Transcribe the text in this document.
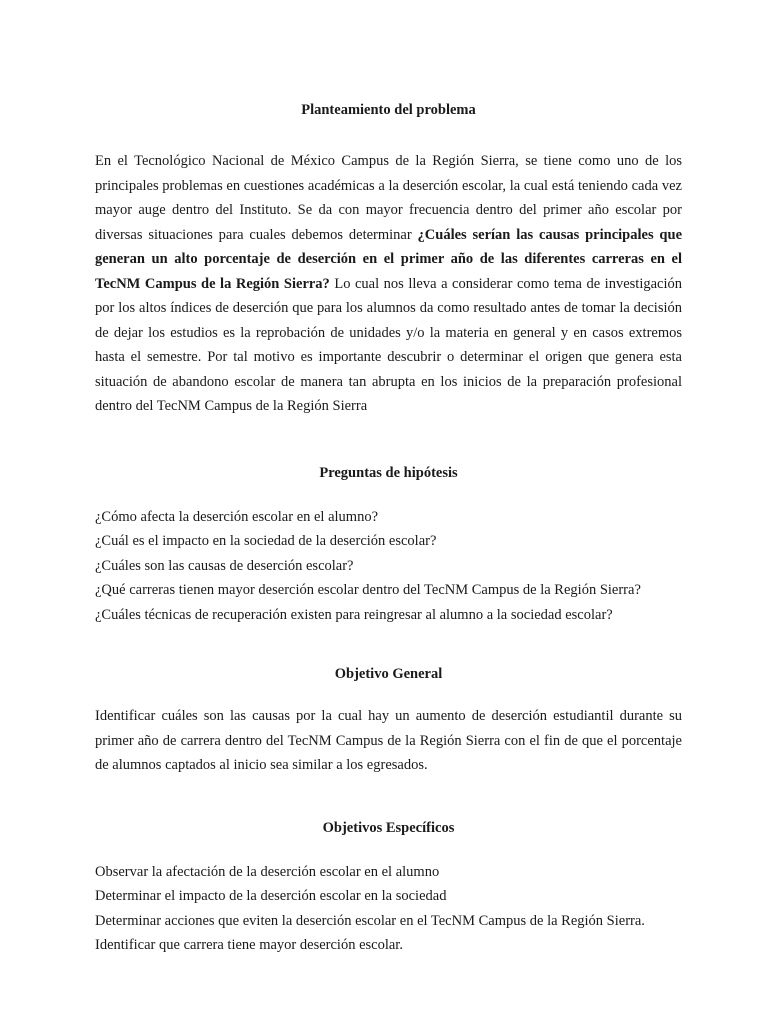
Planteamiento del problema

En el Tecnológico Nacional de México Campus de la Región Sierra, se tiene como uno de los principales problemas en cuestiones académicas a la deserción escolar, la cual está teniendo cada vez mayor auge dentro del Instituto. Se da con mayor frecuencia dentro del primer año escolar por diversas situaciones para cuales debemos determinar ¿Cuáles serían las causas principales que generan un alto porcentaje de deserción en el primer año de las diferentes carreras en el TecNM Campus de la Región Sierra? Lo cual nos lleva a considerar como tema de investigación por los altos índices de deserción que para los alumnos da como resultado antes de tomar la decisión de dejar los estudios es la reprobación de unidades y/o la materia en general y en casos extremos hasta el semestre. Por tal motivo es importante descubrir o determinar el origen que genera esta situación de abandono escolar de manera tan abrupta en los inicios de la preparación profesional dentro del TecNM Campus de la Región Sierra

Preguntas de hipótesis
¿Cómo afecta la deserción escolar en el alumno?
¿Cuál es el impacto en la sociedad de la deserción escolar?
¿Cuáles son las causas de deserción escolar?
¿Qué carreras tienen mayor deserción escolar dentro del TecNM Campus de la Región Sierra?
¿Cuáles técnicas de recuperación existen para reingresar al alumno a la sociedad escolar?
Objetivo General

Identificar cuáles son las causas por la cual hay un aumento de deserción estudiantil durante su primer año de carrera dentro del TecNM Campus de la Región Sierra con el fin de que el porcentaje de alumnos captados al inicio sea similar a los egresados.

Objetivos Específicos
Observar la afectación de la deserción escolar en el alumno
Determinar el impacto de la deserción escolar en la sociedad
Determinar acciones que eviten la deserción escolar en el TecNM Campus de la Región Sierra.
Identificar que carrera tiene mayor deserción escolar.
